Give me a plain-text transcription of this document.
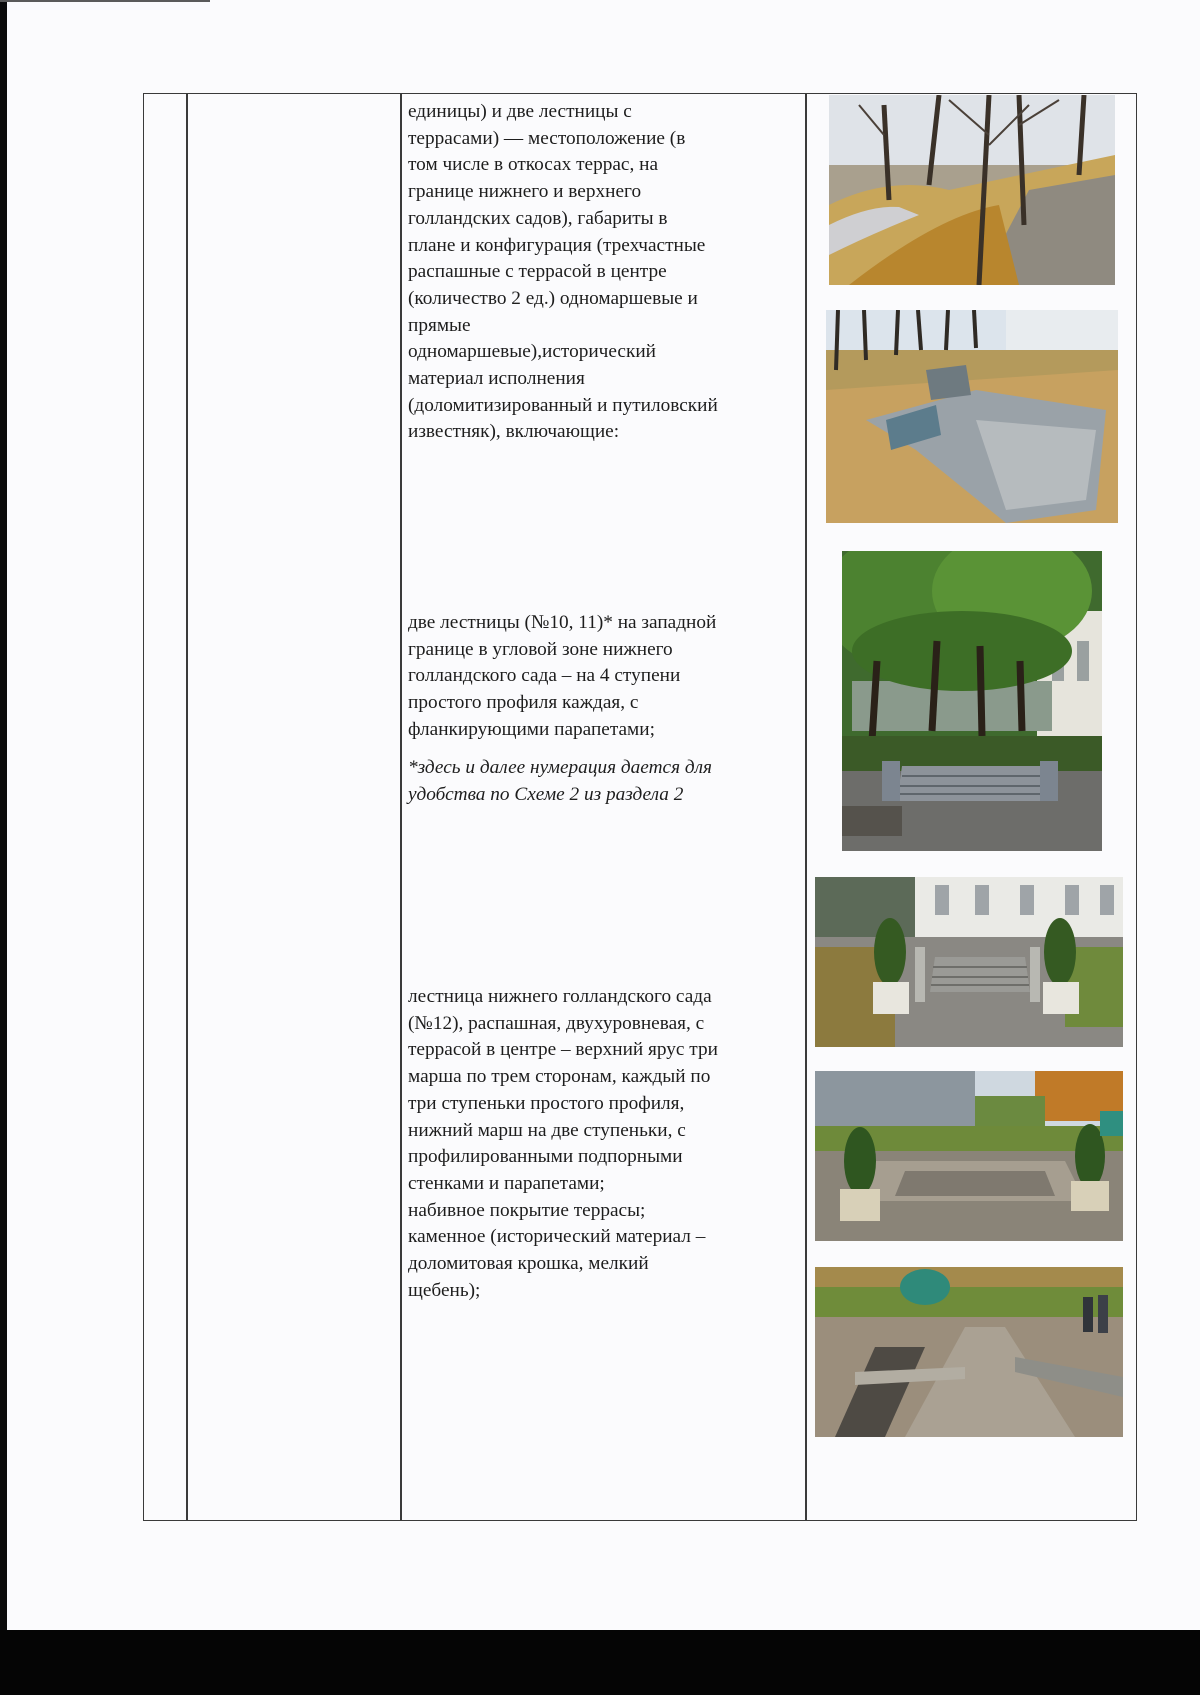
единицы) и две лестницы с
террасами) — местоположение (в
том числе в откосах террас, на
границе нижнего и верхнего
голландских садов), габариты в
плане и конфигурация (трехчастные
распашные с террасой в центре
(количество 2 ед.) одномаршевые и
прямые
одномаршевые),исторический
материал исполнения
(доломитизированный и путиловский
известняк), включающие:
две лестницы (№10, 11)* на западной
границе в угловой зоне нижнего
голландского сада – на 4 ступени
простого профиля каждая, с
фланкирующими парапетами;
*здесь и далее нумерация дается для
удобства по Схеме 2 из раздела 2
лестница нижнего голландского сада
(№12), распашная, двухуровневая, с
террасой в центре – верхний ярус три
марша по трем сторонам, каждый по
три ступеньки простого профиля,
нижний марш на две ступеньки, с
профилированными подпорными
стенками и парапетами;
набивное покрытие террасы;
каменное (исторический материал –
доломитовая крошка, мелкий
щебень);
